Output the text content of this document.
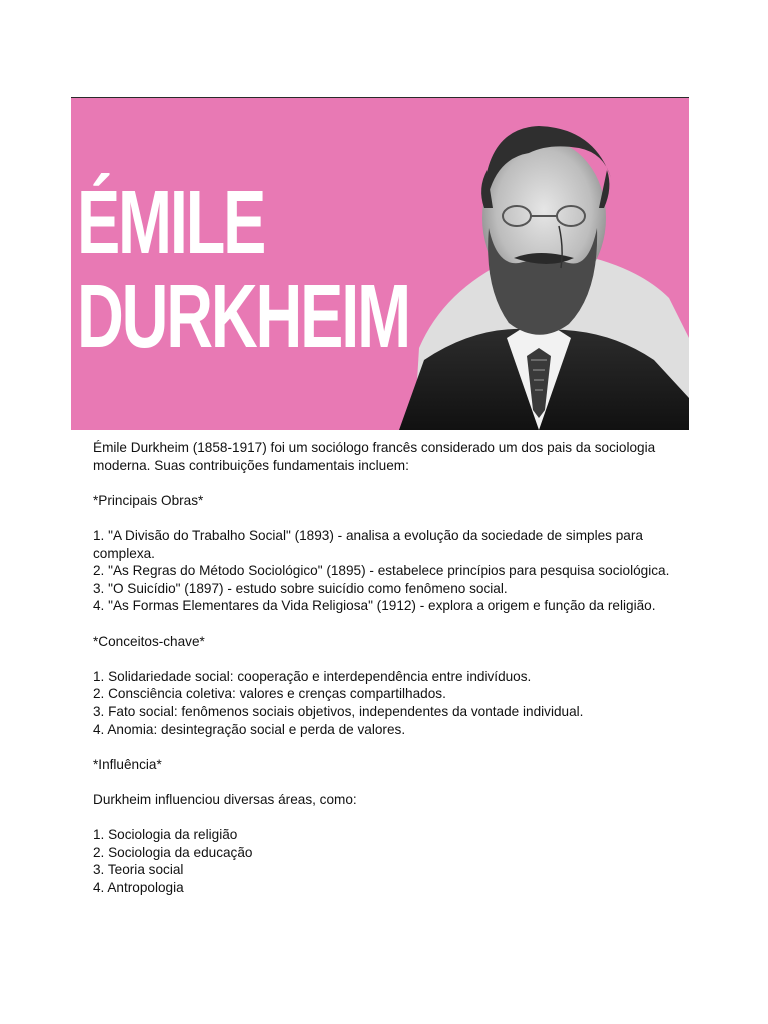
ÉMILE
DURKHEIM

Émile Durkheim (1858-1917) foi um sociólogo francês considerado um dos pais da sociologia moderna. Suas contribuições fundamentais incluem:

*Principais Obras*

1. "A Divisão do Trabalho Social" (1893) - analisa a evolução da sociedade de simples para complexa.
2. "As Regras do Método Sociológico" (1895) - estabelece princípios para pesquisa sociológica.
3. "O Suicídio" (1897) - estudo sobre suicídio como fenômeno social.
4. "As Formas Elementares da Vida Religiosa" (1912) - explora a origem e função da religião.

*Conceitos-chave*

1. Solidariedade social: cooperação e interdependência entre indivíduos.
2. Consciência coletiva: valores e crenças compartilhados.
3. Fato social: fenômenos sociais objetivos, independentes da vontade individual.
4. Anomia: desintegração social e perda de valores.

*Influência*

Durkheim influenciou diversas áreas, como:

1. Sociologia da religião
2. Sociologia da educação
3. Teoria social
4. Antropologia
